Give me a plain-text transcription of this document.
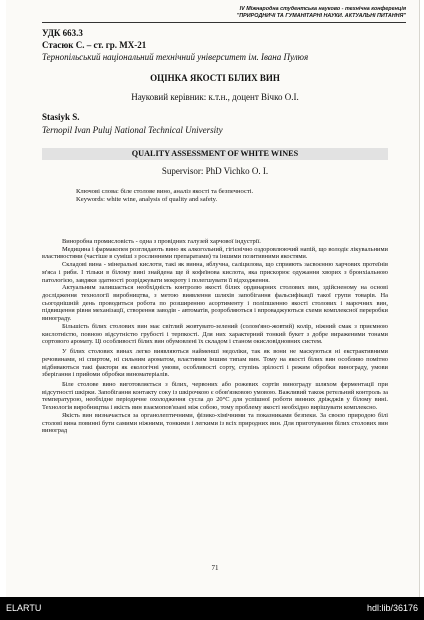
IV Міжнародна студентська науково - технічна конференція
"ПРИРОДНИЧІ ТА ГУМАНІТАРНІ НАУКИ. АКТУАЛЬНІ ПИТАННЯ"
УДК 663.3
Стасюк С. – ст. гр. МХ-21
Тернопільський національний технічний університет ім. Івана Пулюя
ОЦІНКА ЯКОСТІ БІЛИХ ВИН
Науковий керівник: к.т.н., доцент Вічко О.І.
Stasiyk S.
Ternopil Ivan Puluj National Technical University
QUALITY ASSESSMENT OF WHITE WINES
Supervisor: PhD Vichko O. I.
Ключові слова: біле столове вино, аналіз якості та безпечності.
Keywords: white wine, analysis of quality and safety.

Виноробна промисловість - одна з провідних галузей харчової індустрії.

Медицина і фармакопея розглядають вино як алкогольний, гігієнічно оздоровлюючий напій, що володіє лікувальними властивостями (частіше в суміші з рослинними препаратами) та іншими позитивними якостями.

Складові вина - мінеральні кислоти, такі як винна, яблучна, саліцилова, що сприяють засвоєнню харчових протеїнів м'яса і риби. І тільки в білому вині знайдена ще й кофеїнова кислота, яка прискорює одужання хворих з бронхіальною патологією, завдяки здатності розріджувати мокроту і полегшувати її відходження.

Актуальним залишається необхідність контролю якості білих ординарних столових вин, здійсненому на основі дослідження технології виробництва, з метою виявлення шляхів запобігання фальсифікації такої групи товарів. На сьогоднішній день проводиться робота по розширенню асортименту і поліпшенню якості столових і марочних вин, підвищення рівня механізації, створення заводів - автоматів, розробляються і впроваджуються схеми комплексної переробки винограду.

Більшість білих столових вин має світлий жовтувато-зелений (солом'яно-жовтий) колір, ніжний смак з приємною кислотністю, повною відсутністю грубості і терпкості. Для них характерний тонкий букет з добре вираженими тонами сортового аромату. Ці особливості білих вин обумовлені їх складом і станом окисловідновних систем.

У білих столових винах легко виявляються найменші недоліки, так як вони не маскуються ні екстрактивними речовинами, ні спиртом, ні сильним ароматом, властивим іншим типам вин. Тому на якості білих вин особливо помітно відбиваються такі фактори як екологічні умови, особливості сорту, ступінь зрілості і режим обробки винограду, умови зберігання і прийоми обробки виноматеріалів.

Біле столове вино виготовляється з білих, червоних або рожевих сортів винограду шляхом ферментації при відсутності шкірки. Запобігання контакту соку із шкірочкою є обов'язковою умовою. Важливий також ретельний контроль за температурою, необхідне періодичне охолодження сусла до 20°С для успішної роботи винних дріжджів у білому вині. Технологія виробництва і якість вин взаємопов'язані між собою, тому проблему якості необхідно вирішувати комплексно.

Якість вин визначається за органолептичними, фізико-хімічними та показниками безпеки. За своєю природою білі столові вина повинні бути самими ніжними, тонкими і легкими із всіх природних вин. Для приготування білих столових вин виноград

71
ELARTU	hdl:lib/36176
